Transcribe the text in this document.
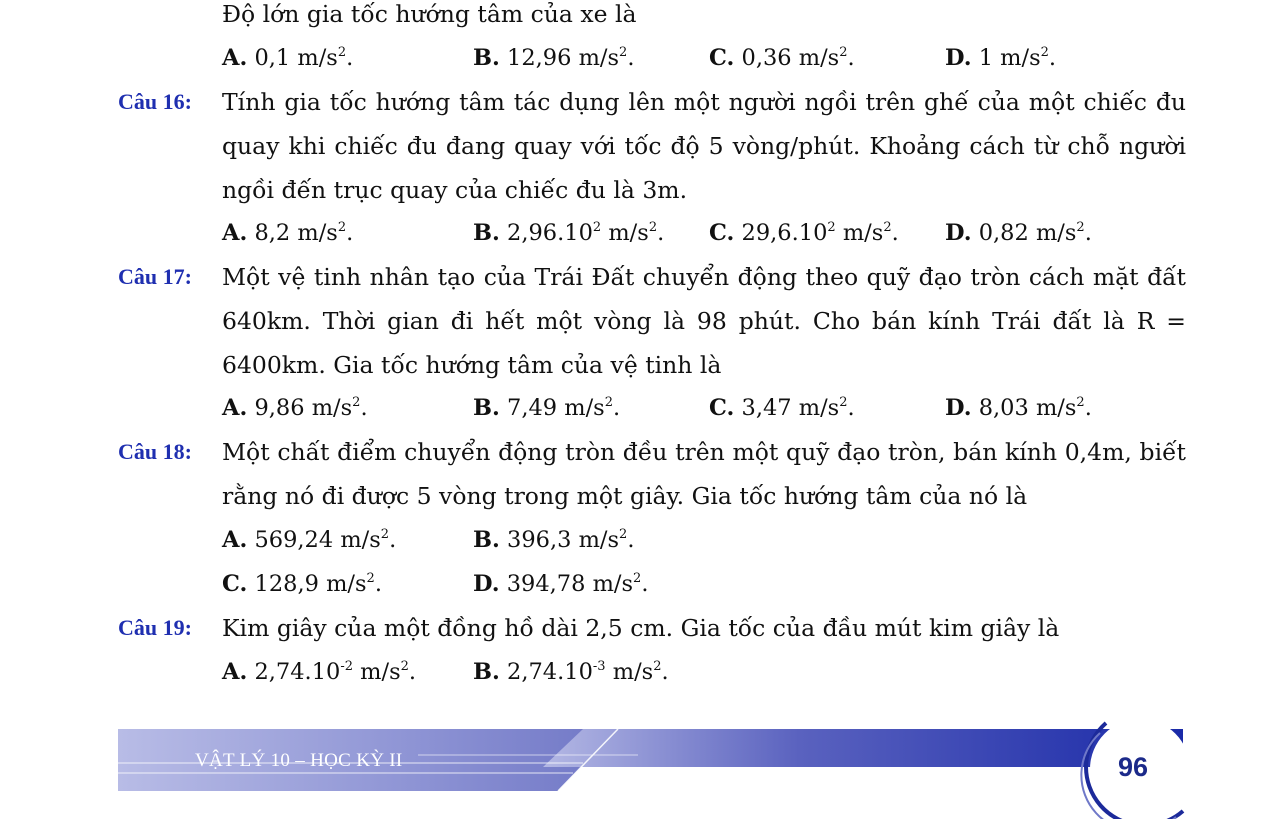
Độ lớn gia tốc hướng tâm của xe là
A. 0,1 $m/s^2$.	B. 12,96 $m/s^2$.	C. 0,36 $m/s^2$.	D. 1 $m/s^2$.
Câu 16: Tính gia tốc hướng tâm tác dụng lên một người ngồi trên ghế của một chiếc đu quay khi chiếc đu đang quay với tốc độ 5 vòng/phút. Khoảng cách từ chỗ người ngồi đến trục quay của chiếc đu là 3m.
A. 8,2 $m/s^2$.	B. 2,96.10$^2$ $m/s^2$. C. 29,6.10$^2$ $m/s^2$. D. 0,82 $m/s^2$.
Câu 17: Một vệ tinh nhân tạo của Trái Đất chuyển động theo quỹ đạo tròn cách mặt đất 640km. Thời gian đi hết một vòng là 98 phút. Cho bán kính Trái đất là R = 6400km. Gia tốc hướng tâm của vệ tinh là
A. 9,86 $m/s^2$.	B. 7,49 $m/s^2$.	C. 3,47 $m/s^2$.	D. 8,03 $m/s^2$.
Câu 18: Một chất điểm chuyển động tròn đều trên một quỹ đạo tròn, bán kính 0,4m, biết rằng nó đi được 5 vòng trong một giây. Gia tốc hướng tâm của nó là
A. 569,24 $m/s^2$.	B. 396,3 $m/s^2$.
C. 128,9 $m/s^2$.	D. 394,78 $m/s^2$.
Câu 19: Kim giây của một đồng hồ dài 2,5 cm. Gia tốc của đầu mút kim giây là
A. $2,74.10^{-2}$ $m/s^2$.	B. $2,74.10^{-3}$ $m/s^2$.
VẬT LÝ 10 – HỌC KỲ II	96
